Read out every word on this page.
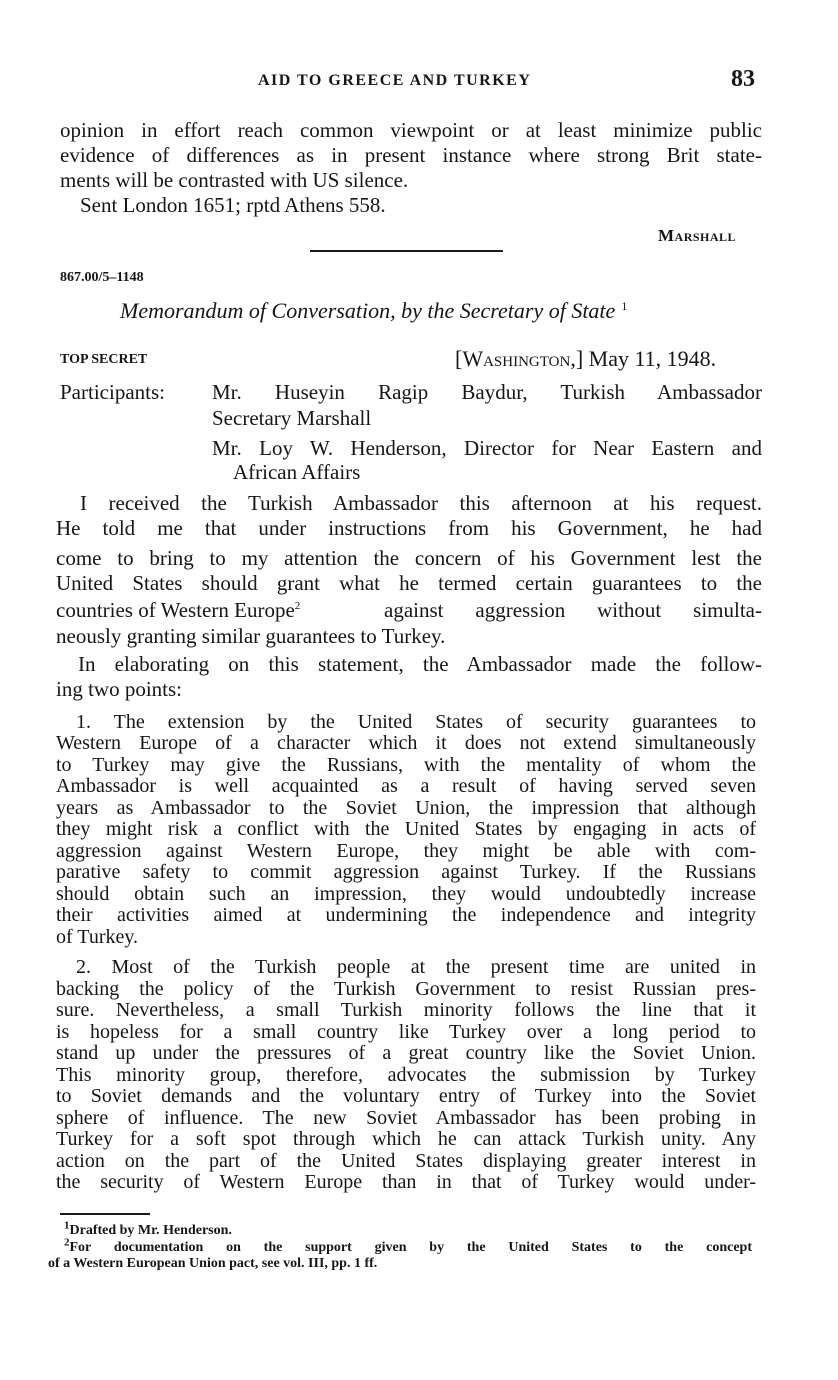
AID TO GREECE AND TURKEY	83
opinion in effort reach common viewpoint or at least minimize public
evidence of differences as in present instance where strong Brit state-
ments will be contrasted with US silence.
Sent London 1651; rptd Athens 558.
Marshall
867.00/5–1148
Memorandum of Conversation, by the Secretary of State $^1$
TOP SECRET	[Washington,] May 11, 1948.
Participants: Mr. Huseyin Ragip Baydur, Turkish Ambassador
Secretary Marshall
Mr. Loy W. Henderson, Director for Near Eastern and
African Affairs
I received the Turkish Ambassador this afternoon at his request.
He told me that under instructions from his Government, he had
come to bring to my attention the concern of his Government lest the
United States should grant what he termed certain guarantees to the
countries of Western Europe$^2$	against aggression without simulta-
neously granting similar guarantees to Turkey.
In elaborating on this statement, the Ambassador made the follow-
ing two points:
1. The extension by the United States of security guarantees to
Western Europe of a character which it does not extend simultaneously
to Turkey may give the Russians, with the mentality of whom the
Ambassador is well acquainted as a result of having served seven
years as Ambassador to the Soviet Union, the impression that although
they might risk a conflict with the United States by engaging in acts of
aggression against Western Europe, they might be able with com-
parative safety to commit aggression against Turkey. If the Russians
should obtain such an impression, they would undoubtedly increase
their activities aimed at undermining the independence and integrity
of Turkey.
2. Most of the Turkish people at the present time are united in
backing the policy of the Turkish Government to resist Russian pres-
sure. Nevertheless, a small Turkish minority follows the line that it
is hopeless for a small country like Turkey over a long period to
stand up under the pressures of a great country like the Soviet Union.
This minority group, therefore, advocates the submission by Turkey
to Soviet demands and the voluntary entry of Turkey into the Soviet
sphere of influence. The new Soviet Ambassador has been probing in
Turkey for a soft spot through which he can attack Turkish unity. Any
action on the part of the United States displaying greater interest in
the security of Western Europe than in that of Turkey would under-
$^1$Drafted by Mr. Henderson.
$^2$For documentation on the support given by the United States to the concept
of a Western European Union pact, see vol. III, pp. 1 ff.
